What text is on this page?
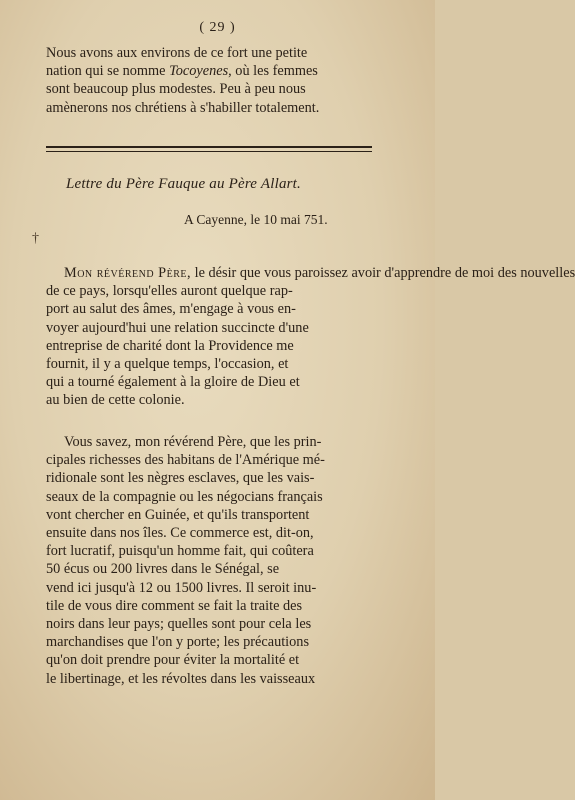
( 29 )
Nous avons aux environs de ce fort une petite
nation qui se nomme Tocoyenes, où les femmes
sont beaucoup plus modestes. Peu à peu nous
amènerons nos chrétiens à s'habiller totalement.
Lettre du Père Fauque au Père Allart.
A Cayenne, le 10 mai 751.
†
Mon révérend Père, le désir que vous paroissez avoir d'apprendre de moi des nouvelles
de ce pays, lorsqu'elles auront quelque rap-
port au salut des âmes, m'engage à vous en-
voyer aujourd'hui une relation succincte d'une
entreprise de charité dont la Providence me
fournit, il y a quelque temps, l'occasion, et
qui a tourné également à la gloire de Dieu et
au bien de cette colonie.
Vous savez, mon révérend Père, que les prin-
cipales richesses des habitans de l'Amérique mé-
ridionale sont les nègres esclaves, que les vais-
seaux de la compagnie ou les négocians français
vont chercher en Guinée, et qu'ils transportent
ensuite dans nos îles. Ce commerce est, dit-on,
fort lucratif, puisqu'un homme fait, qui coûtera
50 écus ou 200 livres dans le Sénégal, se
vend ici jusqu'à 12 ou 1500 livres. Il seroit inu-
tile de vous dire comment se fait la traite des
noirs dans leur pays; quelles sont pour cela les
marchandises que l'on y porte; les précautions
qu'on doit prendre pour éviter la mortalité et
le libertinage, et les révoltes dans les vaisseaux
